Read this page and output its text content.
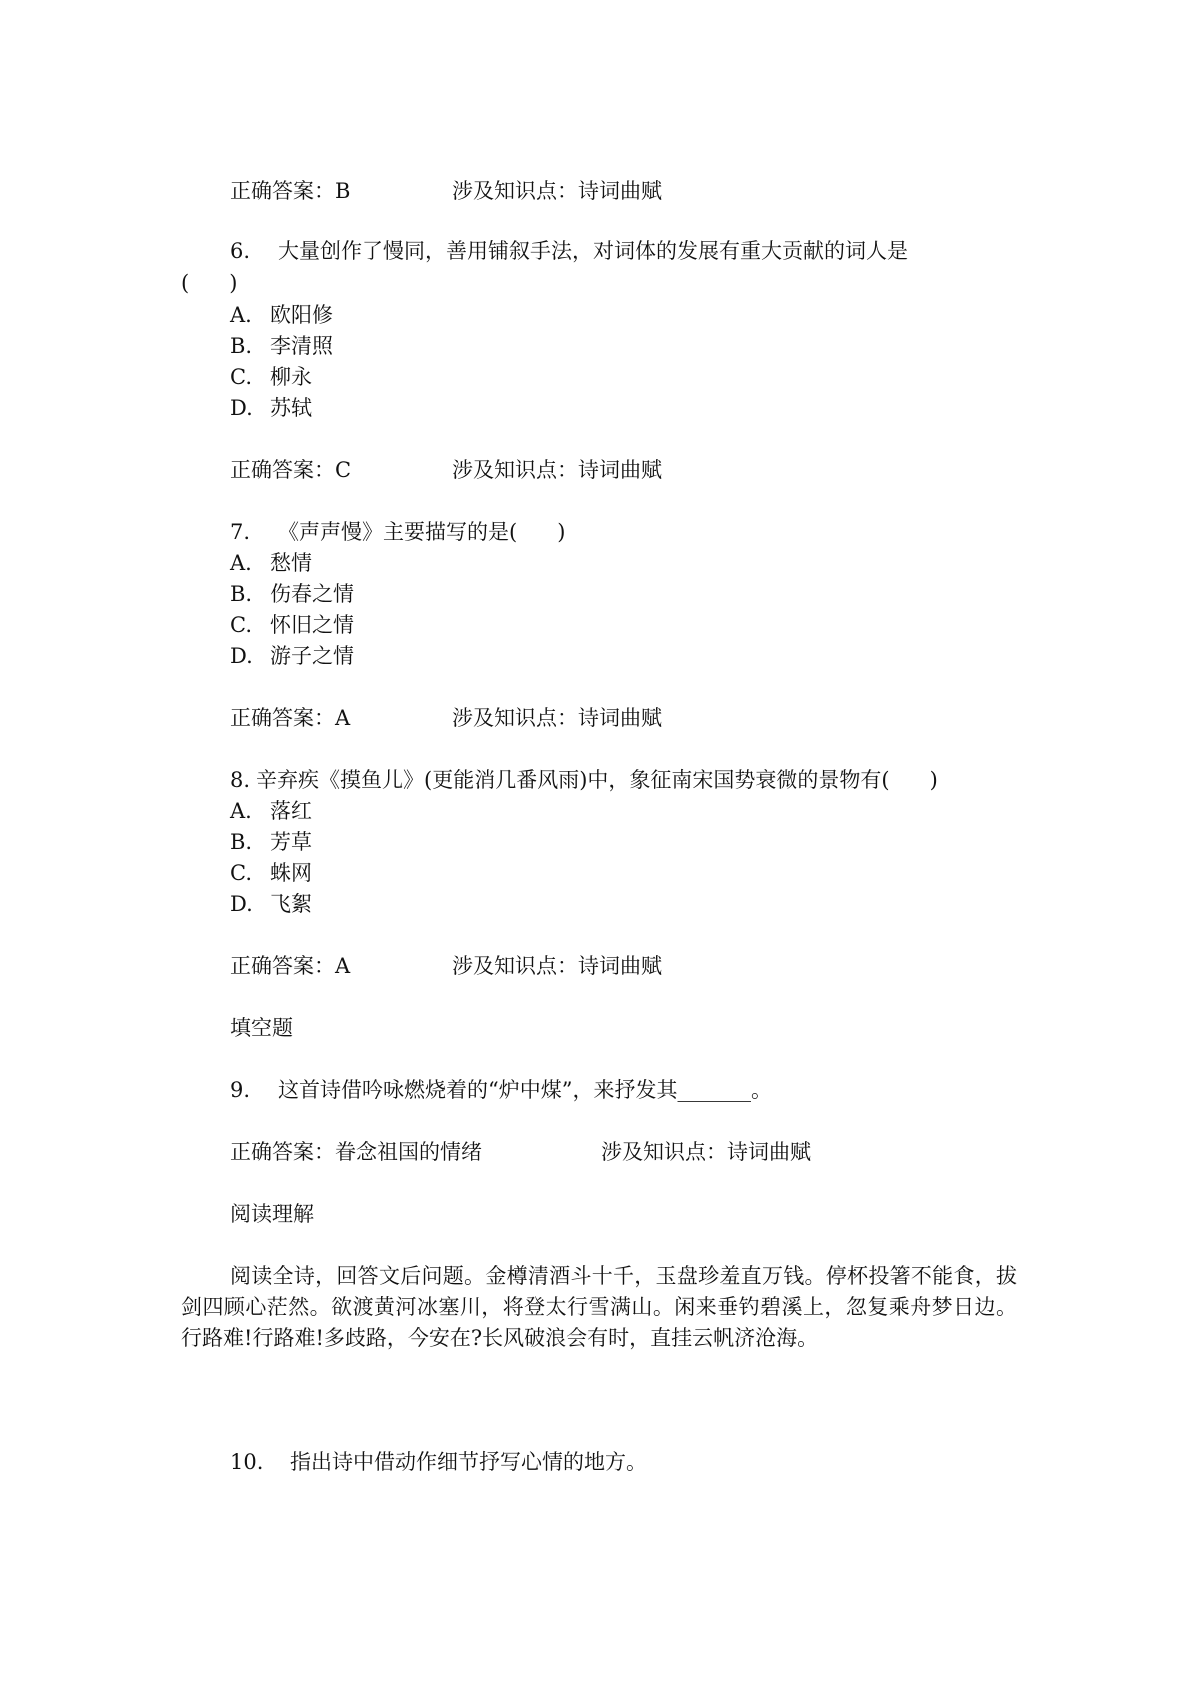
正确答案：B	涉及知识点：诗词曲赋
6. 大量创作了慢同，善用铺叙手法，对词体的发展有重大贡献的词人是
(      )
A. 欧阳修
B. 李清照
C. 柳永
D. 苏轼
正确答案：C	涉及知识点：诗词曲赋
7. 《声声慢》主要描写的是(      )
A. 愁情
B. 伤春之情
C. 怀旧之情
D. 游子之情
正确答案：A	涉及知识点：诗词曲赋
8. 辛弃疾《摸鱼儿》(更能消几番风雨)中，象征南宋国势衰微的景物有(      )
A. 落红
B. 芳草
C. 蛛网
D. 飞絮
正确答案：A	涉及知识点：诗词曲赋
填空题
9. 这首诗借吟咏燃烧着的“炉中煤”，来抒发其_______。
正确答案：眷念祖国的情绪	涉及知识点：诗词曲赋
阅读理解

阅读全诗，回答文后问题。金樽清酒斗十千，玉盘珍羞直万钱。停杯投箸不能食，拔剑四顾心茫然。欲渡黄河冰塞川，将登太行雪满山。闲来垂钓碧溪上，忽复乘舟梦日边。行路难!行路难!多歧路，今安在?长风破浪会有时，直挂云帆济沧海。

10. 指出诗中借动作细节抒写心情的地方。
